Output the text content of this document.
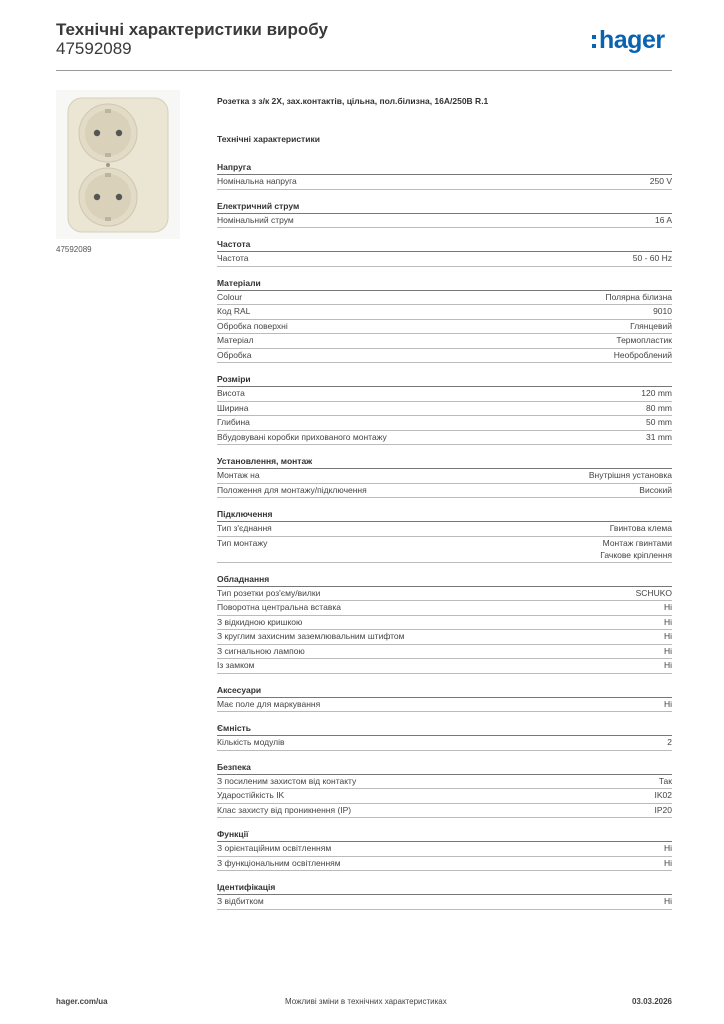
Технічні характеристики виробу
47592089	hager
47592089
Розетка з з/к 2X, зах.контактів, цільна, пол.білизна, 16A/250В R.1
Технічні характеристики
Напруга
Номінальна напруга	250 V
Електричний струм
Номінальний струм	16 A
Частота
Частота	50 - 60 Hz
Матеріали
Colour	Полярна білизна
Код RAL	9010
Обробка поверхні	Глянцевий
Матеріал	Термопластик
Обробка	Необроблений
Розміри
Висота	120 mm
Ширина	80 mm
Глибина	50 mm
Вбудовувані коробки прихованого монтажу	31 mm
Установлення, монтаж
Монтаж на	Внутрішня установка
Положення для монтажу/підключення	Високий
Підключення
Тип з'єднання	Гвинтова клема
Тип монтажу	Монтаж гвинтами
Гачкове кріплення
Обладнання
Тип розетки роз'єму/вилки	SCHUKO
Поворотна центральна вставка	Ні
З відкидною кришкою	Ні
З круглим захисним заземлювальним штифтом	Ні
З сигнальною лампою	Ні
Із замком	Ні
Аксесуари
Має поле для маркування	Ні
Ємність
Кількість модулів	2
Безпека
З посиленим захистом від контакту	Так
Ударостійкість IK	IK02
Клас захисту від проникнення (IP)	IP20
Функції
З орієнтаційним освітленням	Ні
З функціональним освітленням	Ні
Ідентифікація
З відбитком	Ні
hager.com/ua	Можливі зміни в технічних характеристиках	03.03.2026
